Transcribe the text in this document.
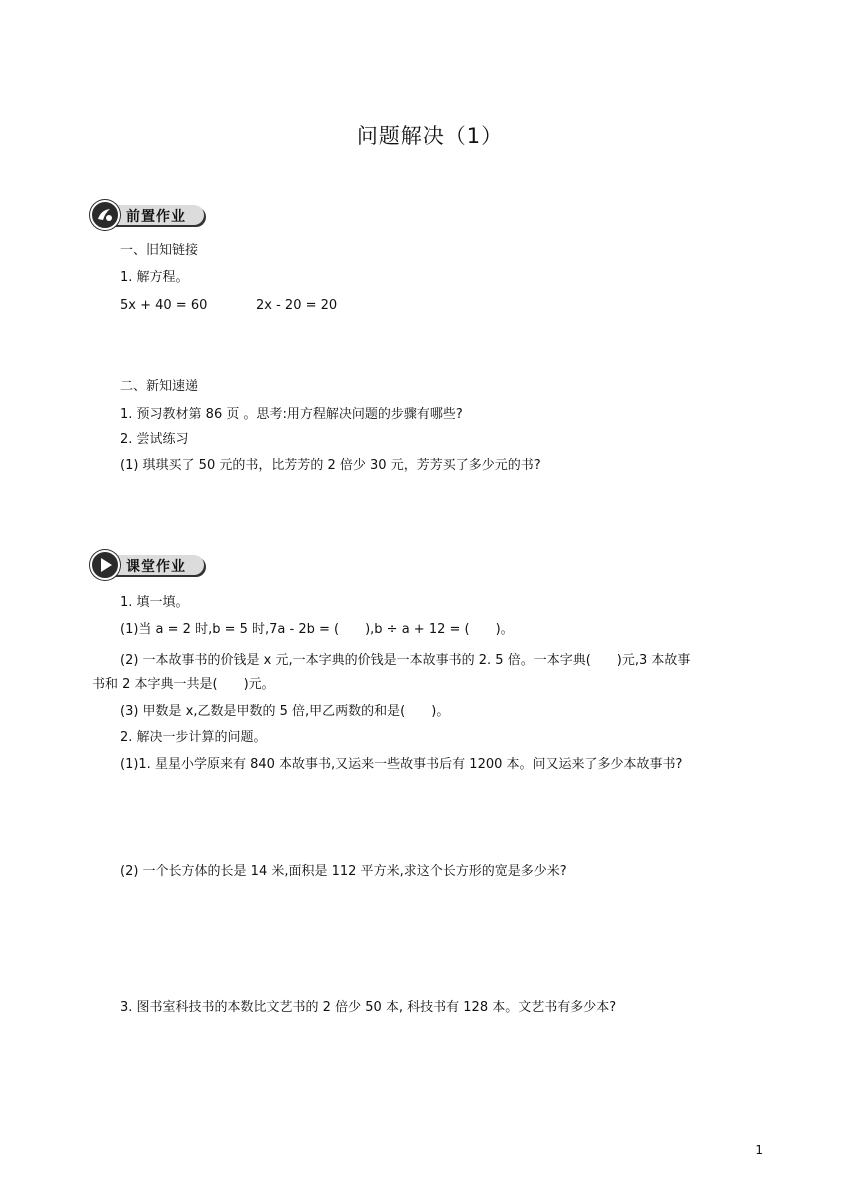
问题解决（1）
前置作业
一、旧知链接
1. 解方程。
5x + 40 = 60	2x - 20 = 20
二、新知速递
1. 预习教材第 86 页 。思考:用方程解决问题的步骤有哪些?
2. 尝试练习
(1) 琪琪买了 50 元的书，比芳芳的 2 倍少 30 元，芳芳买了多少元的书?
课堂作业
1. 填一填。
(1)当 a = 2 时,b = 5 时,7a - 2b = (　　),b ÷ a + 12 = (　　)。
(2) 一本故事书的价钱是 x 元,一本字典的价钱是一本故事书的 2. 5 倍。一本字典(　　)元,3 本故事
书和 2 本字典一共是(　　)元。
(3) 甲数是 x,乙数是甲数的 5 倍,甲乙两数的和是(　　)。
2. 解决一步计算的问题。
(1)1. 星星小学原来有 840 本故事书,又运来一些故事书后有 1200 本。问又运来了多少本故事书?
(2) 一个长方体的长是 14 米,面积是 112 平方米,求这个长方形的宽是多少米?
3. 图书室科技书的本数比文艺书的 2 倍少 50 本, 科技书有 128 本。文艺书有多少本?
1
